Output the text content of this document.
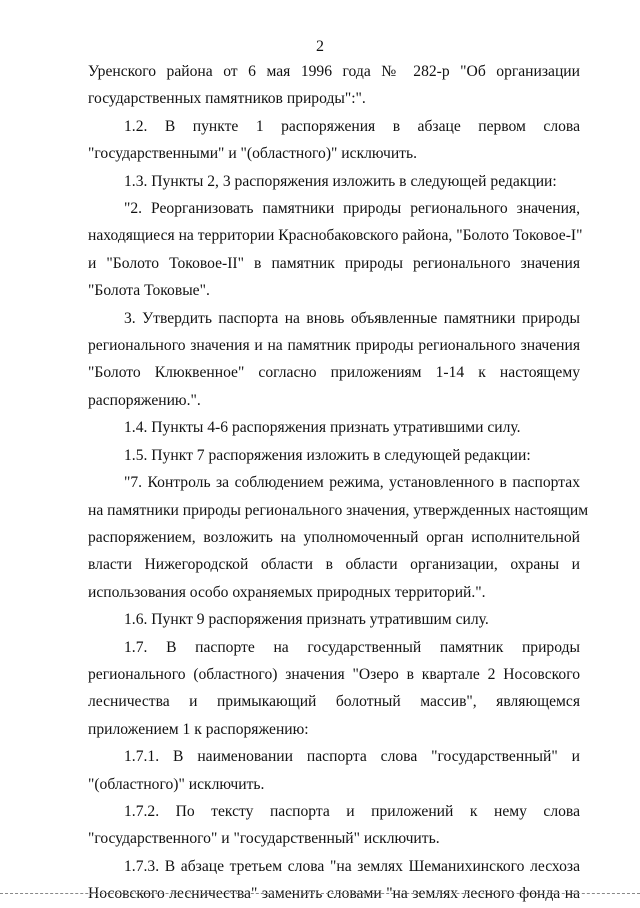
2
Уренского района от 6 мая 1996 года № 282-р "Об организации
государственных памятников природы":".
1.2. В пункте 1 распоряжения в абзаце первом слова
"государственными" и "(областного)" исключить.
1.3. Пункты 2, 3 распоряжения изложить в следующей редакции:
"2. Реорганизовать памятники природы регионального значения,
находящиеся на территории Краснобаковского района, "Болото Токовое-I"
и "Болото Токовое-II" в памятник природы регионального значения
"Болота Токовые".
3. Утвердить паспорта на вновь объявленные памятники природы
регионального значения и на памятник природы регионального значения
"Болото Клюквенное" согласно приложениям 1-14 к настоящему
распоряжению.".
1.4. Пункты 4-6 распоряжения признать утратившими силу.
1.5. Пункт 7 распоряжения изложить в следующей редакции:
"7. Контроль за соблюдением режима, установленного в паспортах
на памятники природы регионального значения, утвержденных настоящим
распоряжением, возложить на уполномоченный орган исполнительной
власти Нижегородской области в области организации, охраны и
использования особо охраняемых природных территорий.".
1.6. Пункт 9 распоряжения признать утратившим силу.
1.7. В паспорте на государственный памятник природы
регионального (областного) значения "Озеро в квартале 2 Носовского
лесничества и примыкающий болотный массив", являющемся
приложением 1 к распоряжению:
1.7.1. В наименовании паспорта слова "государственный" и
"(областного)" исключить.
1.7.2. По тексту паспорта и приложений к нему слова
"государственного" и "государственный" исключить.
1.7.3. В абзаце третьем слова "на землях Шеманихинского лесхоза
Носовского лесничества" заменить словами "на землях лесного фонда на
